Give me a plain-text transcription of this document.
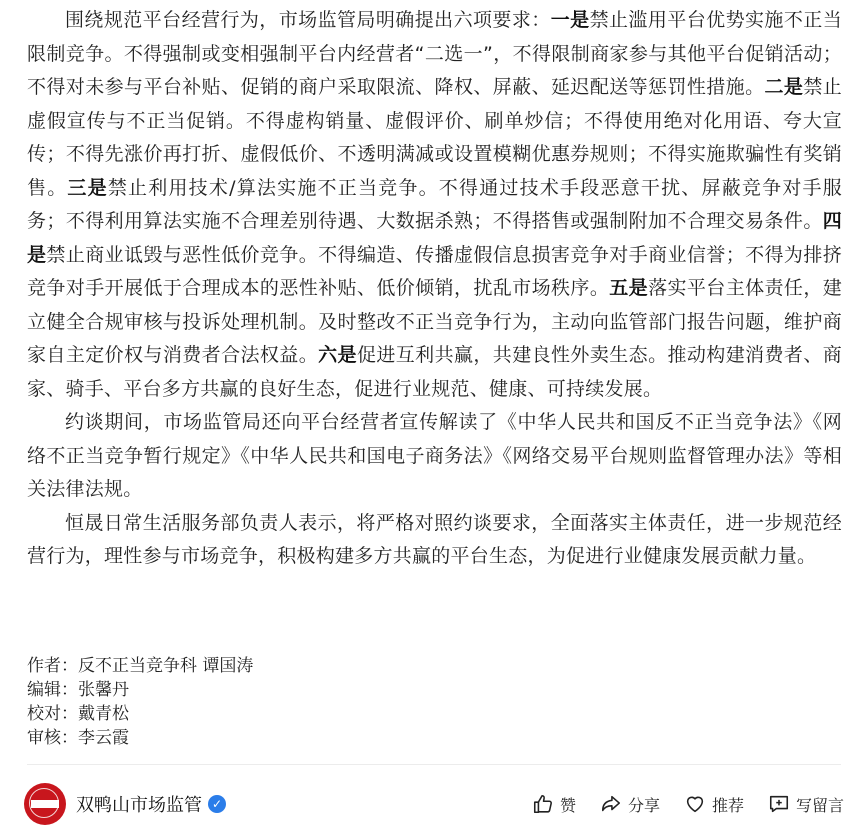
围绕规范平台经营行为，市场监管局明确提出六项要求：一是禁止滥用平台优势实施不正当限制竞争。不得强制或变相强制平台内经营者“二选一”，不得限制商家参与其他平台促销活动；不得对未参与平台补贴、促销的商户采取限流、降权、屏蔽、延迟配送等惩罚性措施。二是禁止虚假宣传与不正当促销。不得虚构销量、虚假评价、刷单炒信；不得使用绝对化用语、夸大宣传；不得先涨价再打折、虚假低价、不透明满减或设置模糊优惠券规则；不得实施欺骗性有奖销售。三是禁止利用技术/算法实施不正当竞争。不得通过技术手段恶意干扰、屏蔽竞争对手服务；不得利用算法实施不合理差别待遇、大数据杀熟；不得搭售或强制附加不合理交易条件。四是禁止商业诋毁与恶性低价竞争。不得编造、传播虚假信息损害竞争对手商业信誉；不得为排挤竞争对手开展低于合理成本的恶性补贴、低价倾销，扰乱市场秩序。五是落实平台主体责任，建立健全合规审核与投诉处理机制。及时整改不正当竞争行为，主动向监管部门报告问题，维护商家自主定价权与消费者合法权益。六是促进互利共赢，共建良性外卖生态。推动构建消费者、商家、骑手、平台多方共赢的良好生态，促进行业规范、健康、可持续发展。

约谈期间，市场监管局还向平台经营者宣传解读了《中华人民共和国反不正当竞争法》《网络不正当竞争暂行规定》《中华人民共和国电子商务法》《网络交易平台规则监督管理办法》等相关法律法规。

恒晟日常生活服务部负责人表示，将严格对照约谈要求，全面落实主体责任，进一步规范经营行为，理性参与市场竞争，积极构建多方共赢的平台生态，为促进行业健康发展贡献力量。

作者：反不正当竞争科 谭国涛
编辑：张馨丹
校对：戴青松
审核：李云霞
双鸭山市场监管 ✓	赞	分享	推荐	写留言
